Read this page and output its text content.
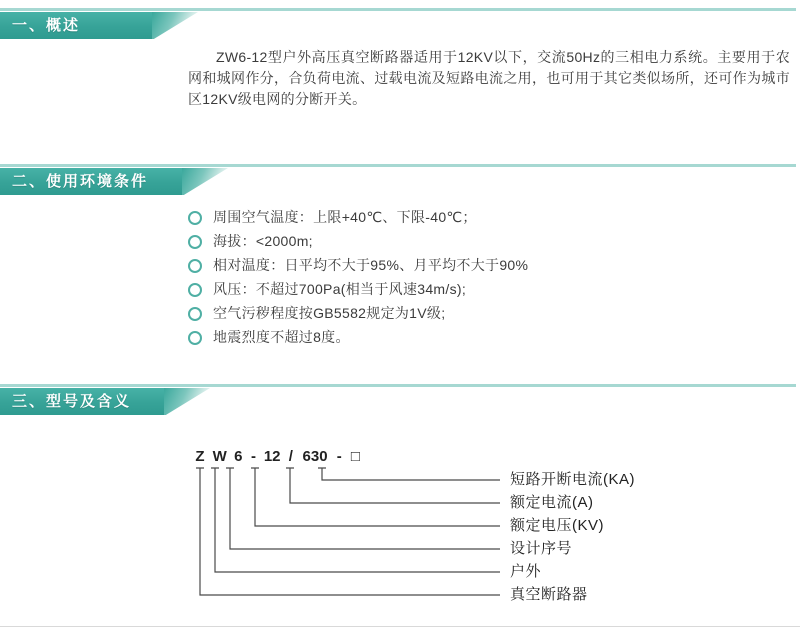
一、概述

ZW6-12型户外高压真空断路器适用于12KV以下，交流50Hz的三相电力系统。主要用于农网和城网作分，合负荷电流、过载电流及短路电流之用，也可用于其它类似场所，还可作为城市区12KV级电网的分断开关。

二、使用环境条件
周围空气温度：上限+40℃、下限-40℃；
海拔：<2000m;
相对温度：日平均不大于95%、月平均不大于90%
风压：不超过700Pa(相当于风速34m/s);
空气污秽程度按GB5582规定为1V级;
地震烈度不超过8度。
三、型号及含义
Z W 6 - 12 / 630 - □
短路开断电流(KA)
额定电流(A)
额定电压(KV)
设计序号
户外
真空断路器
